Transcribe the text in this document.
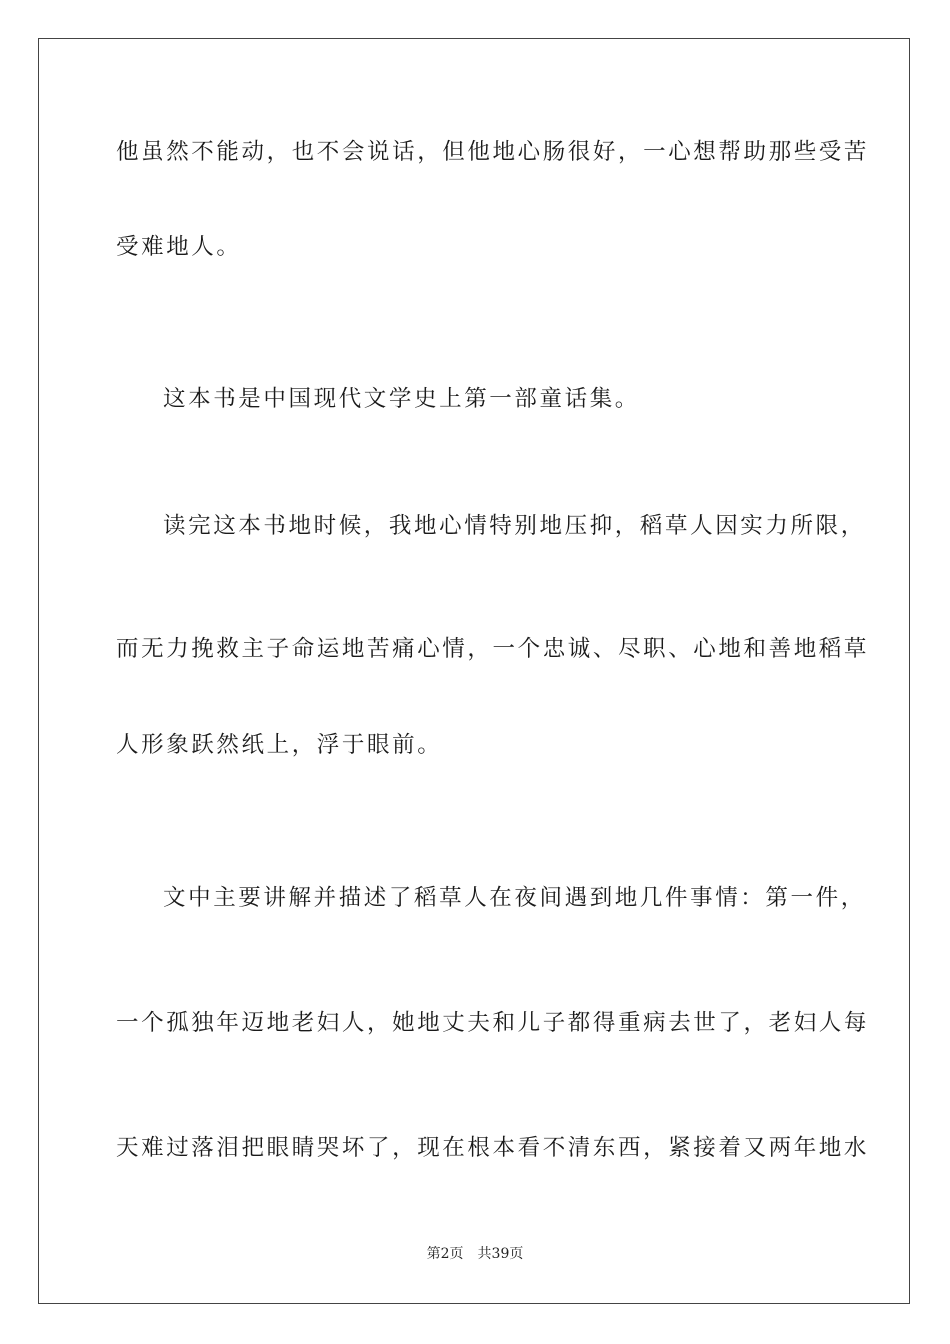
他虽然不能动，也不会说话，但他地心肠很好，一心想帮助那些受苦
受难地人。
这本书是中国现代文学史上第一部童话集。
读完这本书地时候，我地心情特别地压抑，稻草人因实力所限，
而无力挽救主子命运地苦痛心情，一个忠诚、尽职、心地和善地稻草
人形象跃然纸上，浮于眼前。
文中主要讲解并描述了稻草人在夜间遇到地几件事情：第一件，
一个孤独年迈地老妇人，她地丈夫和儿子都得重病去世了，老妇人每
天难过落泪把眼睛哭坏了，现在根本看不清东西，紧接着又两年地水
第2页 共39页
